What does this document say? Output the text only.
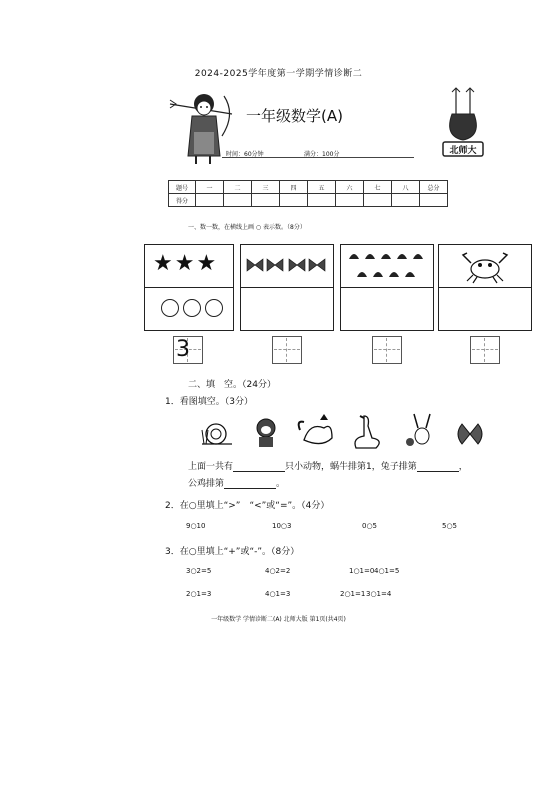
2024-2025学年度第一学期学情诊断二
一年级数学(A)
北师大
时间：60分钟	满分：100分
题号	一	二	三	四	五	六	七	八	总分
得分									
一、数一数，在横线上画 ○ 表示数。（8分）
★ ★ ★
3
二、填　空。（24分）
1．看图填空。（3分）
上面一共有	只小动物，蜗牛排第1，兔子排第	，
公鸡排第	。
2．在○里填上“>”　“<”或“=”。（4分）
9○10	10○3	0○5	5○5
3．在○里填上“+”或“-”。（8分）
3○2=5	4○2=2	1○1=0 4○1=5
2○1=3	4○1=3	2○1=1 3○1=4
一年级数学 学情诊断二(A) 北师大版 第1页(共4页)
